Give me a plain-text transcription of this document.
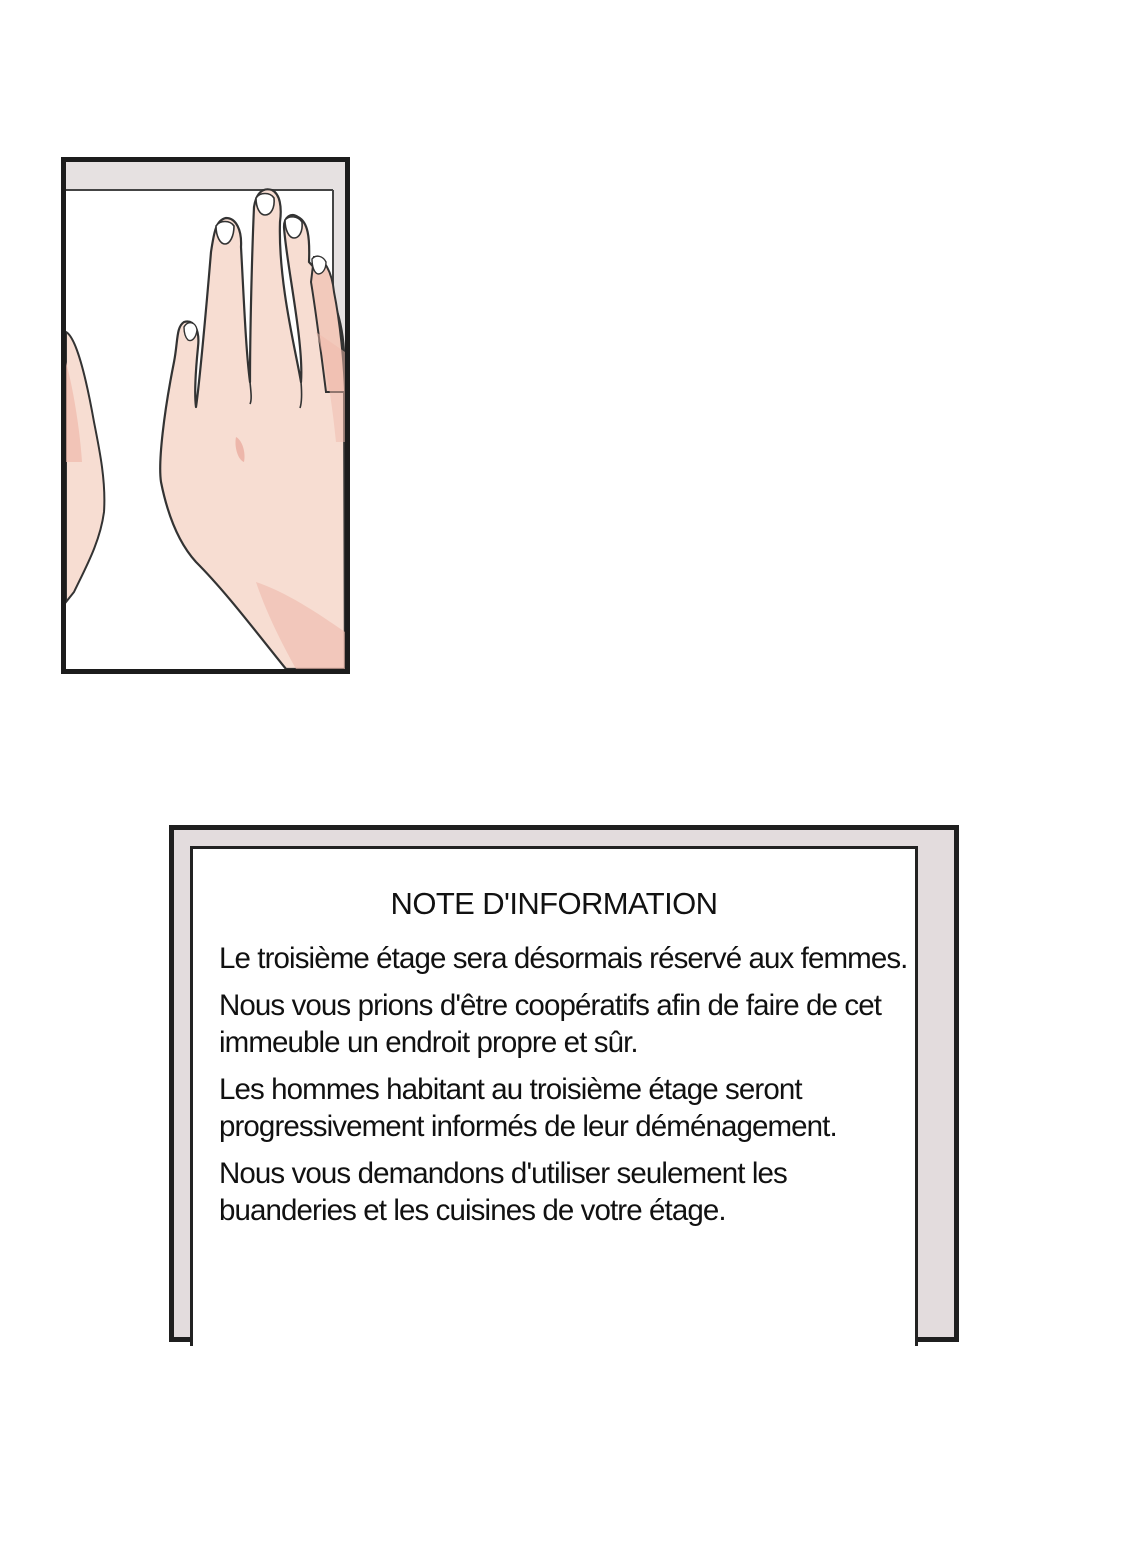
NOTE D'INFORMATION

Le troisième étage sera désormais réservé aux femmes.

Nous vous prions d'être coopératifs afin de faire de cet immeuble un endroit propre et sûr.

Les hommes habitant au troisième étage seront progressivement informés de leur déménagement.

Nous vous demandons d'utiliser seulement les buanderies et les cuisines de votre étage.
